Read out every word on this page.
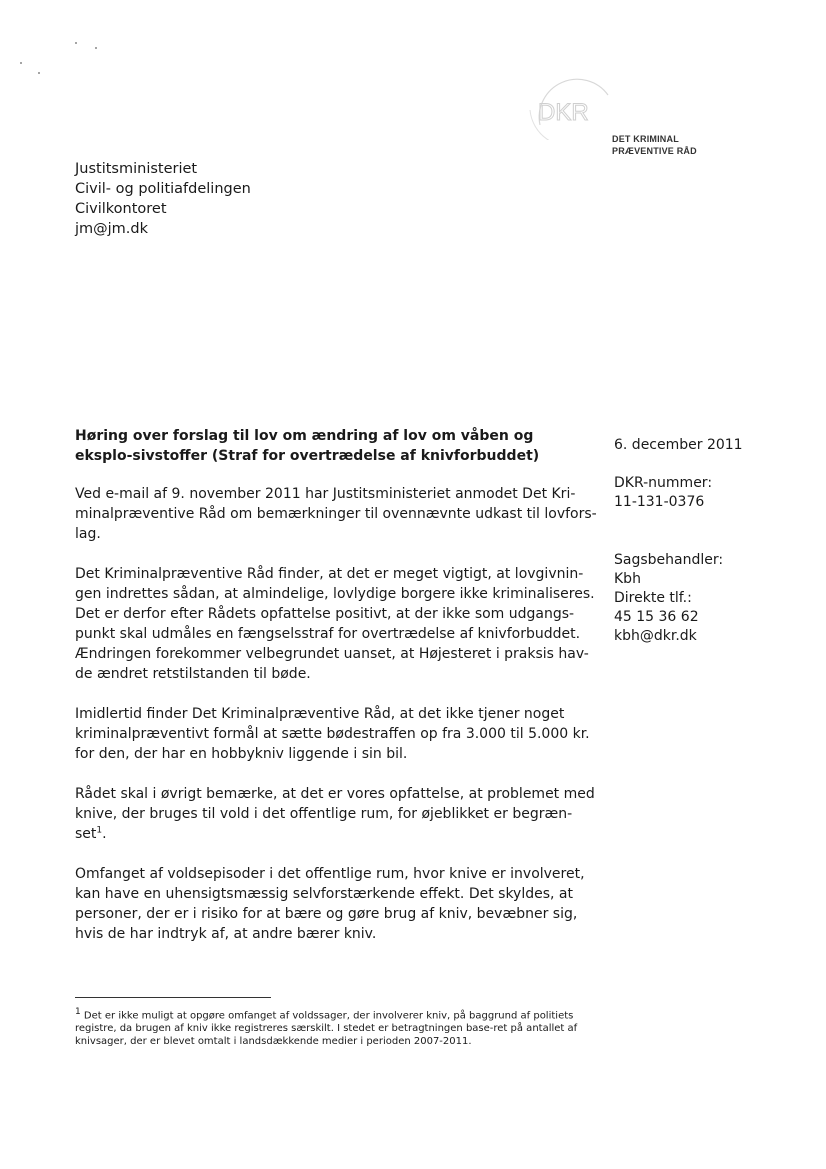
DKR
DET KRIMINAL
PRÆVENTIVE RÅD
Justitsministeriet
Civil- og politiafdelingen
Civilkontoret
jm@jm.dk
Høring over forslag til lov om ændring af lov om våben og eksplo-sivstoffer (Straf for overtrædelse af knivforbuddet)
6. december 2011
DKR-nummer:
11-131-0376
Sagsbehandler:
Kbh
Direkte tlf.:
45 15 36 62
kbh@dkr.dk

Ved e-mail af 9. november 2011 har Justitsministeriet anmodet Det Kri-minalpræventive Råd om bemærkninger til ovennævnte udkast til lovfors-lag.

Det Kriminalpræventive Råd finder, at det er meget vigtigt, at lovgivnin-gen indrettes sådan, at almindelige, lovlydige borgere ikke kriminaliseres. Det er derfor efter Rådets opfattelse positivt, at der ikke som udgangs-punkt skal udmåles en fængselsstraf for overtrædelse af knivforbuddet. Ændringen forekommer velbegrundet uanset, at Højesteret i praksis hav-de ændret retstilstanden til bøde.

Imidlertid finder Det Kriminalpræventive Råd, at det ikke tjener noget kriminalpræventivt formål at sætte bødestraffen op fra 3.000 til 5.000 kr. for den, der har en hobbykniv liggende i sin bil.

Rådet skal i øvrigt bemærke, at det er vores opfattelse, at problemet med knive, der bruges til vold i det offentlige rum, for øjeblikket er begræn-set$^1$.

Omfanget af voldsepisoder i det offentlige rum, hvor knive er involveret, kan have en uhensigtsmæssig selvforstærkende effekt. Det skyldes, at personer, der er i risiko for at bære og gøre brug af kniv, bevæbner sig, hvis de har indtryk af, at andre bærer kniv.

$^1$ Det er ikke muligt at opgøre omfanget af voldssager, der involverer kniv, på baggrund af politiets registre, da brugen af kniv ikke registreres særskilt. I stedet er betragtningen base-ret på antallet af knivsager, der er blevet omtalt i landsdækkende medier i perioden 2007-2011.
